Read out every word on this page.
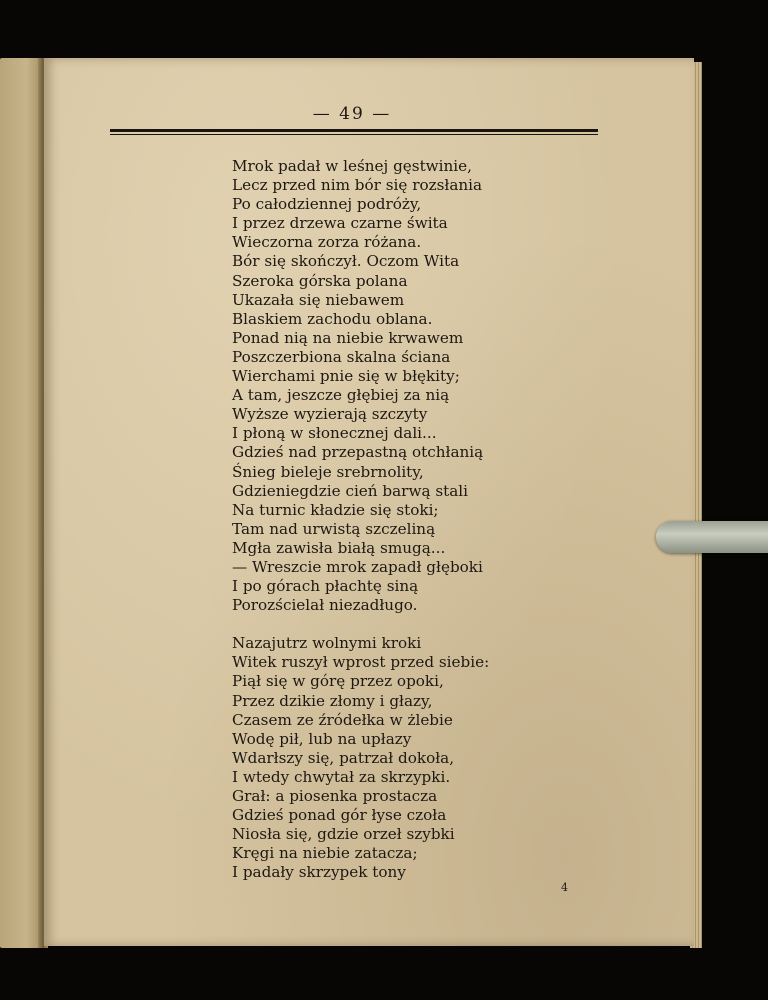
— 49 —
Mrok padał w leśnej gęstwinie,
Lecz przed nim bór się rozsłania
Po całodziennej podróży,
I przez drzewa czarne świta
Wieczorna zorza różana.
Bór się skończył. Oczom Wita
Szeroka górska polana
Ukazała się niebawem
Blaskiem zachodu oblana.
Ponad nią na niebie krwawem
Poszczerbiona skalna ściana
Wierchami pnie się w błękity;
A tam, jeszcze głębiej za nią
Wyższe wyzierają szczyty
I płoną w słonecznej dali...
Gdzieś nad przepastną otchłanią
Śnieg bieleje srebrnolity,
Gdzieniegdzie cień barwą stali
Na turnic kładzie się stoki;
Tam nad urwistą szczeliną
Mgła zawisła białą smugą...
— Wreszcie mrok zapadł głęboki
I po górach płachtę siną
Porozścielał niezadługo.
Nazajutrz wolnymi kroki
Witek ruszył wprost przed siebie:
Piął się w górę przez opoki,
Przez dzikie złomy i głazy,
Czasem ze źródełka w żlebie
Wodę pił, lub na upłazy
Wdarłszy się, patrzał dokoła,
I wtedy chwytał za skrzypki.
Grał: a piosenka prostacza
Gdzieś ponad gór łyse czoła
Niosła się, gdzie orzeł szybki
Kręgi na niebie zatacza;
I padały skrzypek tony
4
